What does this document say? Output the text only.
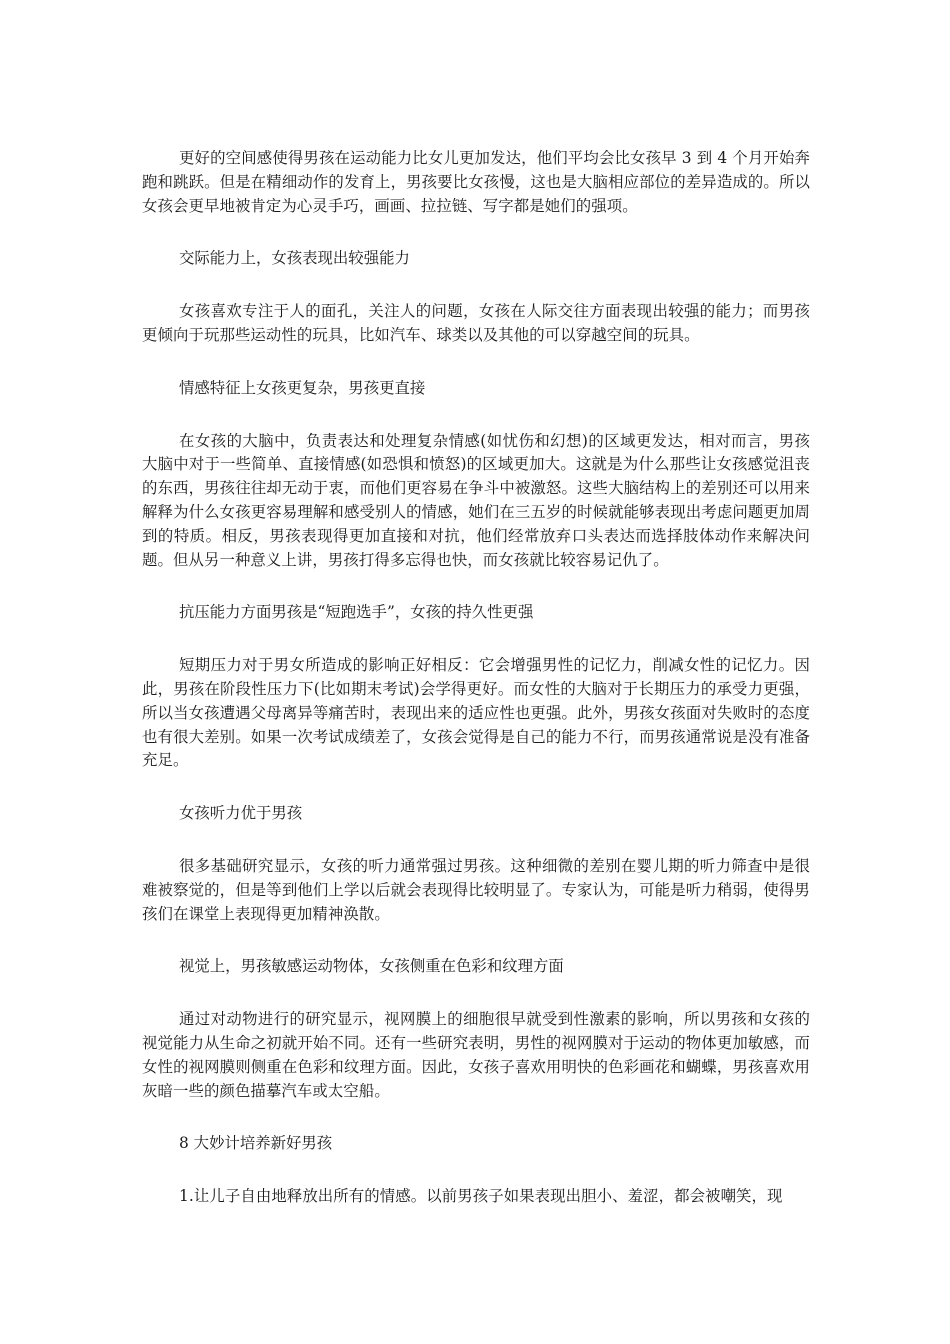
更好的空间感使得男孩在运动能力比女儿更加发达，他们平均会比女孩早 3 到 4 个月开始奔跑和跳跃。但是在精细动作的发育上，男孩要比女孩慢，这也是大脑相应部位的差异造成的。所以女孩会更早地被肯定为心灵手巧，画画、拉拉链、写字都是她们的强项。

交际能力上，女孩表现出较强能力

女孩喜欢专注于人的面孔，关注人的问题，女孩在人际交往方面表现出较强的能力；而男孩更倾向于玩那些运动性的玩具，比如汽车、球类以及其他的可以穿越空间的玩具。

情感特征上女孩更复杂，男孩更直接

在女孩的大脑中，负责表达和处理复杂情感(如忧伤和幻想)的区域更发达，相对而言，男孩大脑中对于一些简单、直接情感(如恐惧和愤怒)的区域更加大。这就是为什么那些让女孩感觉沮丧的东西，男孩往往却无动于衷，而他们更容易在争斗中被激怒。这些大脑结构上的差别还可以用来解释为什么女孩更容易理解和感受别人的情感，她们在三五岁的时候就能够表现出考虑问题更加周到的特质。相反，男孩表现得更加直接和对抗，他们经常放弃口头表达而选择肢体动作来解决问题。但从另一种意义上讲，男孩打得多忘得也快，而女孩就比较容易记仇了。

抗压能力方面男孩是“短跑选手”，女孩的持久性更强

短期压力对于男女所造成的影响正好相反：它会增强男性的记忆力，削减女性的记忆力。因此，男孩在阶段性压力下(比如期末考试)会学得更好。而女性的大脑对于长期压力的承受力更强，所以当女孩遭遇父母离异等痛苦时，表现出来的适应性也更强。此外，男孩女孩面对失败时的态度也有很大差别。如果一次考试成绩差了，女孩会觉得是自己的能力不行，而男孩通常说是没有准备充足。

女孩听力优于男孩

很多基础研究显示，女孩的听力通常强过男孩。这种细微的差别在婴儿期的听力筛查中是很难被察觉的，但是等到他们上学以后就会表现得比较明显了。专家认为，可能是听力稍弱，使得男孩们在课堂上表现得更加精神涣散。

视觉上，男孩敏感运动物体，女孩侧重在色彩和纹理方面

通过对动物进行的研究显示，视网膜上的细胞很早就受到性激素的影响，所以男孩和女孩的视觉能力从生命之初就开始不同。还有一些研究表明，男性的视网膜对于运动的物体更加敏感，而女性的视网膜则侧重在色彩和纹理方面。因此，女孩子喜欢用明快的色彩画花和蝴蝶，男孩喜欢用灰暗一些的颜色描摹汽车或太空船。

8 大妙计培养新好男孩

1.让儿子自由地释放出所有的情感。以前男孩子如果表现出胆小、羞涩，都会被嘲笑，现
